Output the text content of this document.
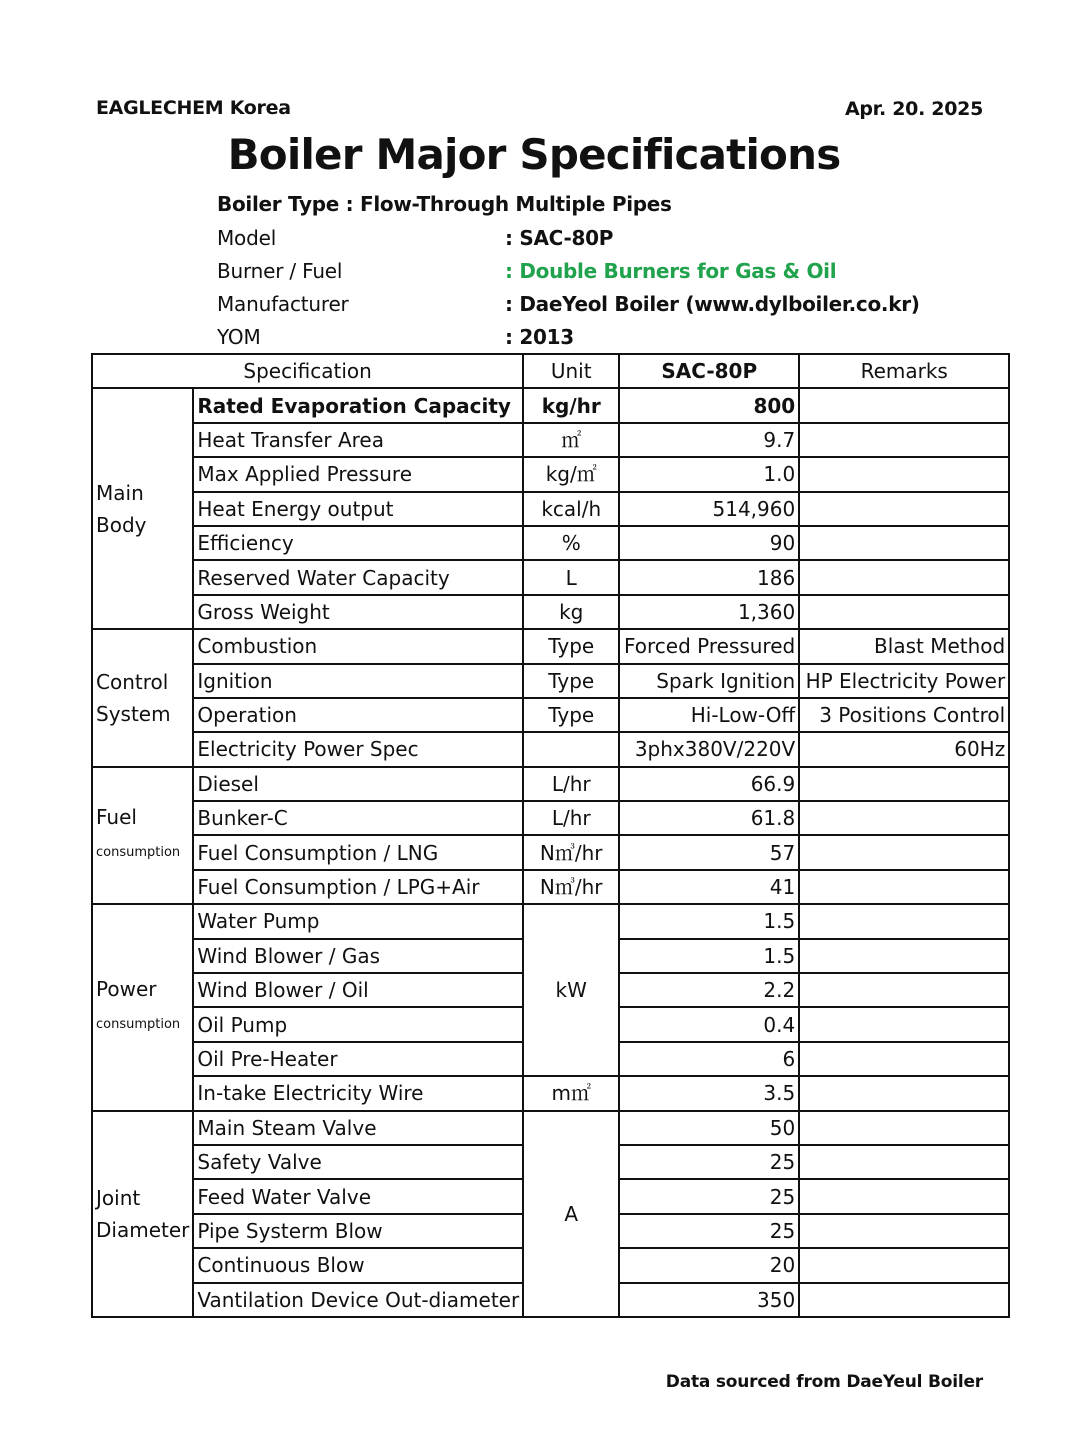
EAGLECHEM Korea	Apr. 20. 2025
Boiler Major Specifications
Boiler Type : Flow-Through Multiple Pipes
Model	: SAC-80P
Burner / Fuel	: Double Burners for Gas & Oil
Manufacturer	: DaeYeol Boiler (www.dylboiler.co.kr)
YOM	: 2013
Specification		Unit	SAC-80P	Remarks
Main
Body	Rated Evaporation Capacity	kg/hr	800	
	Heat Transfer Area	㎡	9.7	
	Max Applied Pressure	kg/㎡	1.0	
	Heat Energy output	kcal/h	514,960	
	Efficiency	%	90	
	Reserved Water Capacity	L	186	
	Gross Weight	kg	1,360	
Control
System	Combustion	Type	Forced Pressured	Blast Method
	Ignition	Type	Spark Ignition	HP Electricity Power
	Operation	Type	Hi-Low-Off	3 Positions Control
	Electricity Power Spec		3phx380V/220V	60Hz
Fuel
consumption	Diesel	L/hr	66.9	
	Bunker-C	L/hr	61.8	
	Fuel Consumption / LNG	N㎥/hr	57	
	Fuel Consumption / LPG+Air	N㎥/hr	41	
Power
consumption	Water Pump	kW	1.5	
	Wind Blower / Gas		1.5	
	Wind Blower / Oil		2.2	
	Oil Pump		0.4	
	Oil Pre-Heater		6	
	In-take Electricity Wire	m㎡	3.5	
Joint
Diameter	Main Steam Valve	A	50	
	Safety Valve		25	
	Feed Water Valve		25	
	Pipe Systerm Blow		25	
	Continuous Blow		20	
	Vantilation Device Out-diameter		350	
Data sourced from DaeYeul Boiler
